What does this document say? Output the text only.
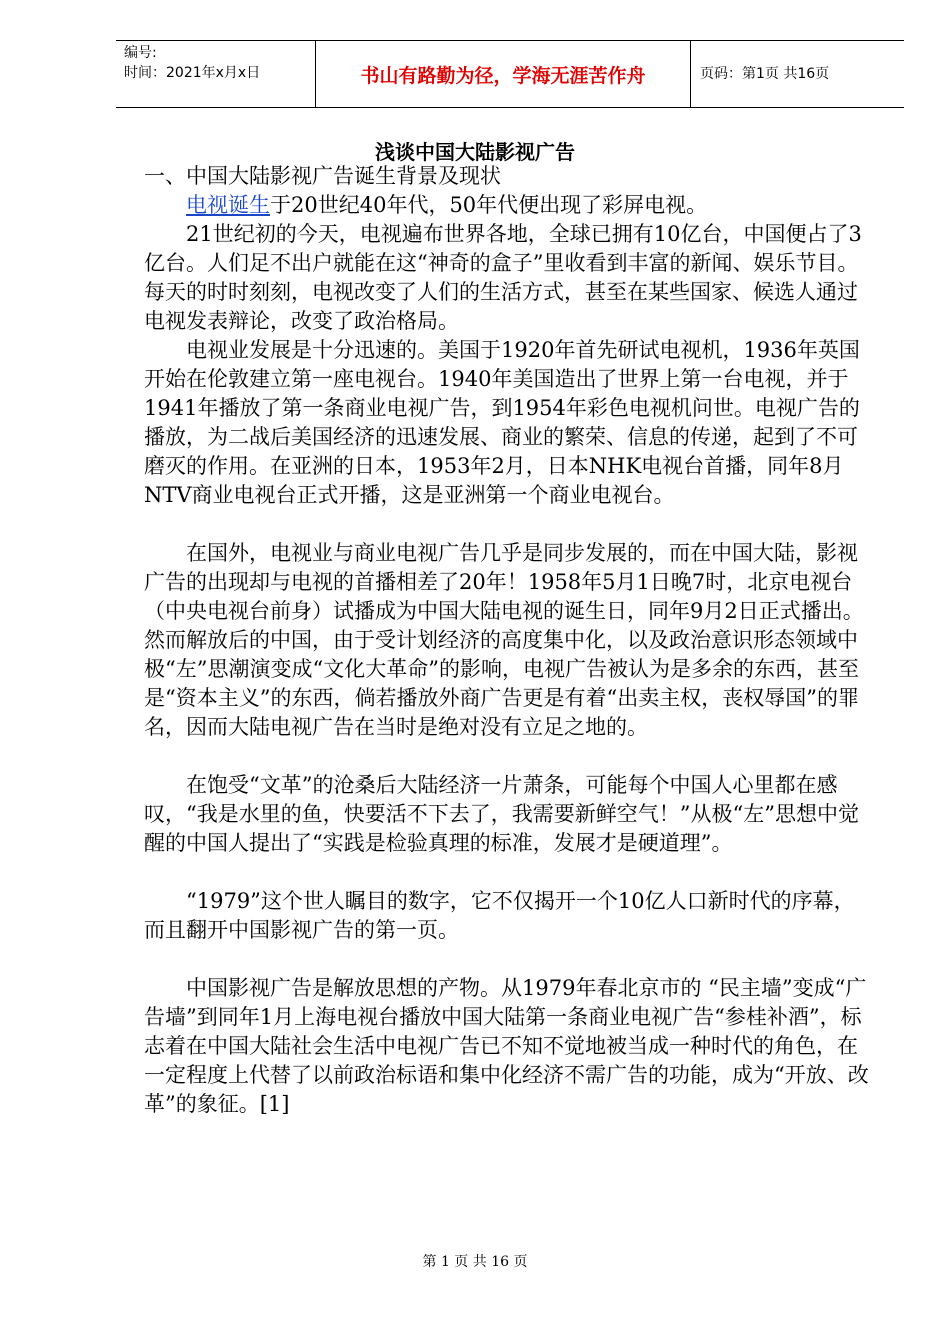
编号:
时间：2021年x月x日	书山有路勤为径，学海无涯苦作舟	页码：第1页 共16页
浅谈中国大陆影视广告

一、中国大陆影视广告诞生背景及现状

电视诞生于20世纪40年代，50年代便出现了彩屏电视。

21世纪初的今天，电视遍布世界各地，全球已拥有10亿台，中国便占了3亿台。人们足不出户就能在这“神奇的盒子”里收看到丰富的新闻、娱乐节目。每天的时时刻刻，电视改变了人们的生活方式，甚至在某些国家、候选人通过电视发表辩论，改变了政治格局。

电视业发展是十分迅速的。美国于1920年首先研试电视机，1936年英国开始在伦敦建立第一座电视台。1940年美国造出了世界上第一台电视，并于1941年播放了第一条商业电视广告，到1954年彩色电视机问世。电视广告的播放，为二战后美国经济的迅速发展、商业的繁荣、信息的传递，起到了不可磨灭的作用。在亚洲的日本，1953年2月，日本NHK电视台首播，同年8月NTV商业电视台正式开播，这是亚洲第一个商业电视台。

在国外，电视业与商业电视广告几乎是同步发展的，而在中国大陆，影视广告的出现却与电视的首播相差了20年！1958年5月1日晚7时，北京电视台（中央电视台前身）试播成为中国大陆电视的诞生日，同年9月2日正式播出。然而解放后的中国，由于受计划经济的高度集中化，以及政治意识形态领域中极“左”思潮演变成“文化大革命”的影响，电视广告被认为是多余的东西，甚至是“资本主义”的东西，倘若播放外商广告更是有着“出卖主权，丧权辱国”的罪名，因而大陆电视广告在当时是绝对没有立足之地的。

在饱受“文革”的沧桑后大陆经济一片萧条，可能每个中国人心里都在感叹，“我是水里的鱼，快要活不下去了，我需要新鲜空气！”从极“左”思想中觉醒的中国人提出了“实践是检验真理的标准，发展才是硬道理”。

“1979”这个世人瞩目的数字，它不仅揭开一个10亿人口新时代的序幕，而且翻开中国影视广告的第一页。

中国影视广告是解放思想的产物。从1979年春北京市的 “民主墙”变成“广告墙”到同年1月上海电视台播放中国大陆第一条商业电视广告“参桂补酒”，标志着在中国大陆社会生活中电视广告已不知不觉地被当成一种时代的角色，在一定程度上代替了以前政治标语和集中化经济不需广告的功能，成为“开放、改革”的象征。[1]

第 1 页 共 16 页
